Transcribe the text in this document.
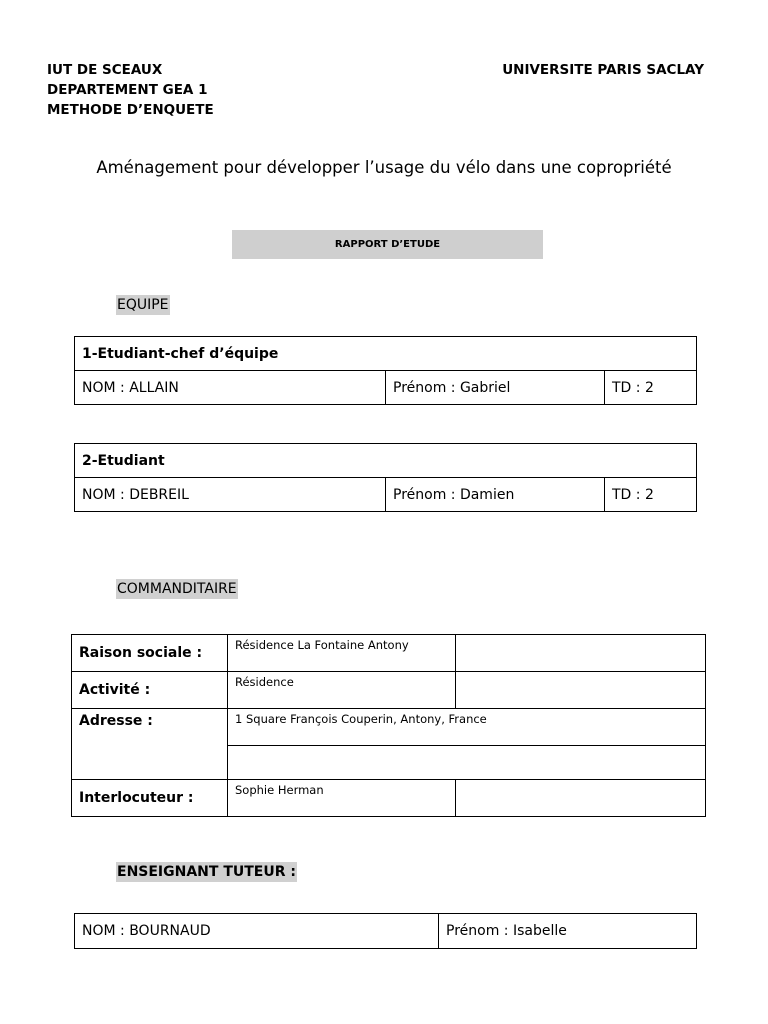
IUT DE SCEAUX
DEPARTEMENT GEA 1
METHODE D’ENQUETE
UNIVERSITE PARIS SACLAY
Aménagement pour développer l’usage du vélo dans une copropriété
RAPPORT D’ETUDE
EQUIPE
1-Etudiant-chef d’équipe
NOM : ALLAIN	Prénom : Gabriel	TD : 2
2-Etudiant
NOM : DEBREIL	Prénom : Damien	TD : 2
COMMANDITAIRE
Raison sociale :	Résidence La Fontaine Antony	
Activité :	Résidence	
Adresse :	1 Square François Couperin, Antony, France	

Interlocuteur :	Sophie Herman	
ENSEIGNANT TUTEUR :
NOM : BOURNAUD	Prénom : Isabelle
